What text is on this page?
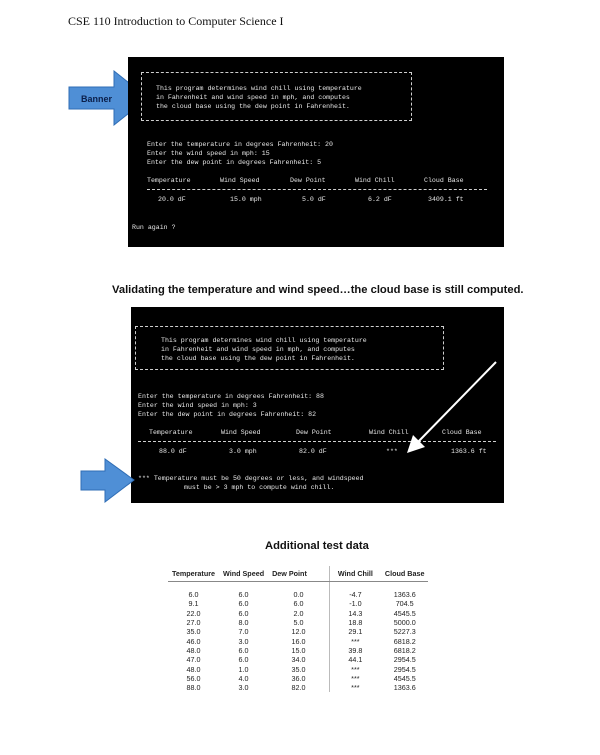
CSE 110 Introduction to Computer Science I
Banner
This program determines wind chill using temperature
in Fahrenheit and wind speed in mph, and computes
the cloud base using the dew point in Fahrenheit.
Enter the temperature in degrees Fahrenheit: 20
Enter the wind speed in mph: 15
Enter the dew point in degrees Fahrenheit: 5
Temperature	Wind Speed	Dew Point	Wind Chill	Cloud Base
20.0 dF	15.0 mph	5.0 dF	6.2 dF	3409.1 ft
Run again ?
Validating the temperature and wind speed…the cloud base is still computed.
This program determines wind chill using temperature
in Fahrenheit and wind speed in mph, and computes
the cloud base using the dew point in Fahrenheit.
Enter the temperature in degrees Fahrenheit: 88
Enter the wind speed in mph: 3
Enter the dew point in degrees Fahrenheit: 82
Temperature	Wind Speed	Dew Point	Wind Chill	Cloud Base
88.0 dF	3.0 mph	82.0 dF	***	1363.6 ft
*** Temperature must be 50 degrees or less, and windspeed
must be > 3 mph to compute wind chill.
Additional test data
Temperature	Wind Speed	Dew Point	Wind Chill	Cloud Base

6.0	6.0	0.0	-4.7	1363.6
9.1	6.0	6.0	-1.0	704.5
22.0	6.0	2.0	14.3	4545.5
27.0	8.0	5.0	18.8	5000.0
35.0	7.0	12.0	29.1	5227.3
46.0	3.0	16.0	***	6818.2
48.0	6.0	15.0	39.8	6818.2
47.0	6.0	34.0	44.1	2954.5
48.0	1.0	35.0	***	2954.5
56.0	4.0	36.0	***	4545.5
88.0	3.0	82.0	***	1363.6
